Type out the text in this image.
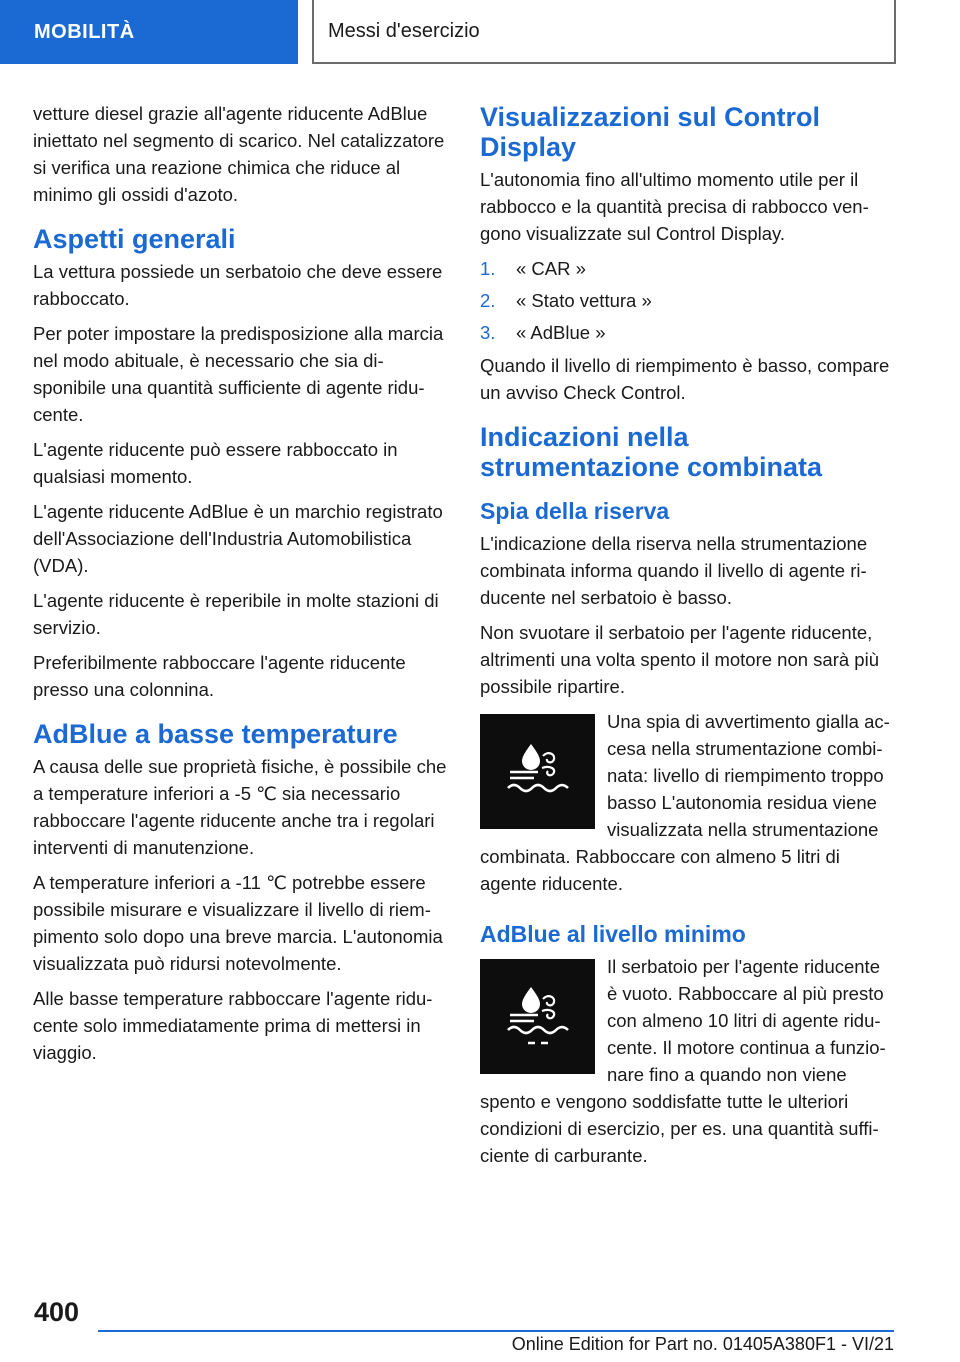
MOBILITÀ	Messi d'esercizio

vetture diesel grazie all'agente riducente AdBlue iniettato nel segmento di scarico. Nel catalizzatore si verifica una reazione chimica che riduce al minimo gli ossidi d'azoto.

Aspetti generali

La vettura possiede un serbatoio che deve essere rabboccato.

Per poter impostare la predisposizione alla marcia nel modo abituale, è necessario che sia disponibile una quantità sufficiente di agente riducente.

L'agente riducente può essere rabboccato in qualsiasi momento.

L'agente riducente AdBlue è un marchio registrato dell'Associazione dell'Industria Automobilistica (VDA).

L'agente riducente è reperibile in molte stazioni di servizio.

Preferibilmente rabboccare l'agente riducente presso una colonnina.

AdBlue a basse temperature

A causa delle sue proprietà fisiche, è possibile che a temperature inferiori a -5 ℃ sia necessario rabboccare l'agente riducente anche tra i regolari interventi di manutenzione.

A temperature inferiori a -11 ℃ potrebbe essere possibile misurare e visualizzare il livello di riempimento solo dopo una breve marcia. L'autonomia visualizzata può ridursi notevolmente.

Alle basse temperature rabboccare l'agente riducente solo immediatamente prima di mettersi in viaggio.

Visualizzazioni sul Control Display

L'autonomia fino all'ultimo momento utile per il rabbocco e la quantità precisa di rabbocco vengono visualizzate sul Control Display.

1.	« CAR »
2.	« Stato vettura »
3.	« AdBlue »

Quando il livello di riempimento è basso, compare un avviso Check Control.

Indicazioni nella strumentazione combinata
Spia della riserva

L'indicazione della riserva nella strumentazione combinata informa quando il livello di agente riducente nel serbatoio è basso.

Non svuotare il serbatoio per l'agente riducente, altrimenti una volta spento il motore non sarà più possibile ripartire.

Una spia di avvertimento gialla accesa nella strumentazione combinata: livello di riempimento troppo basso L'autonomia residua viene visualizzata nella strumentazione combinata. Rabboccare con almeno 5 litri di agente riducente.

AdBlue al livello minimo

Il serbatoio per l'agente riducente è vuoto. Rabboccare al più presto con almeno 10 litri di agente riducente. Il motore continua a funzionare fino a quando non viene spento e vengono soddisfatte tutte le ulteriori condizioni di esercizio, per es. una quantità sufficiente di carburante.

400
Online Edition for Part no. 01405A380F1 - VI/21
